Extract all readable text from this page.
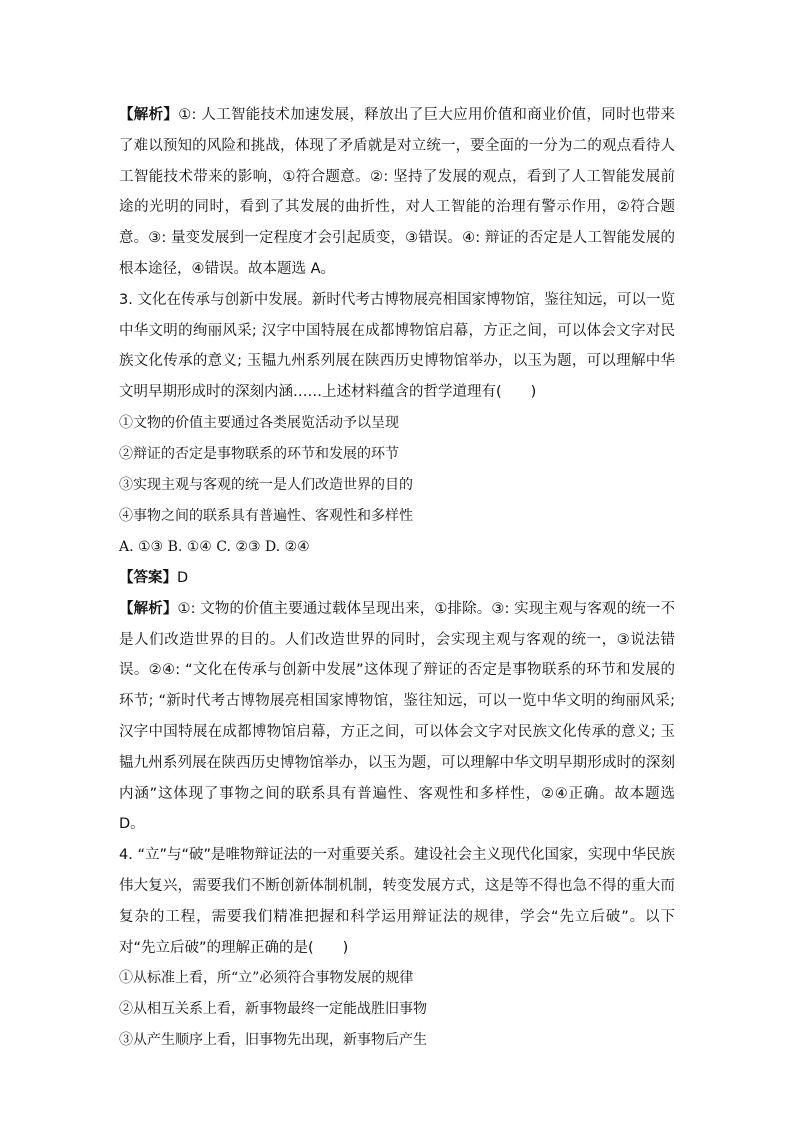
【解析】①: 人工智能技术加速发展，释放出了巨大应用价值和商业价值，同时也带来了难以预知的风险和挑战，体现了矛盾就是对立统一，要全面的一分为二的观点看待人工智能技术带来的影响，①符合题意。②: 坚持了发展的观点，看到了人工智能发展前途的光明的同时，看到了其发展的曲折性，对人工智能的治理有警示作用，②符合题意。③: 量变发展到一定程度才会引起质变，③错误。④: 辩证的否定是人工智能发展的根本途径，④错误。故本题选 A。

3. 文化在传承与创新中发展。新时代考古博物展亮相国家博物馆，鉴往知远，可以一览中华文明的绚丽风采; 汉字中国特展在成都博物馆启幕，方正之间，可以体会文字对民族文化传承的意义; 玉韫九州系列展在陕西历史博物馆举办，以玉为题，可以理解中华文明早期形成时的深刻内涵……上述材料蕴含的哲学道理有(　　)

①文物的价值主要通过各类展览活动予以呈现

②辩证的否定是事物联系的环节和发展的环节

③实现主观与客观的统一是人们改造世界的目的

④事物之间的联系具有普遍性、客观性和多样性

A. ①③ B. ①④ C. ②③ D. ②④

【答案】D

【解析】①: 文物的价值主要通过载体呈现出来，①排除。③: 实现主观与客观的统一不是人们改造世界的目的。人们改造世界的同时，会实现主观与客观的统一，③说法错误。②④: “文化在传承与创新中发展”这体现了辩证的否定是事物联系的环节和发展的环节; “新时代考古博物展亮相国家博物馆，鉴往知远，可以一览中华文明的绚丽风采; 汉字中国特展在成都博物馆启幕，方正之间，可以体会文字对民族文化传承的意义; 玉韫九州系列展在陕西历史博物馆举办，以玉为题，可以理解中华文明早期形成时的深刻内涵”这体现了事物之间的联系具有普遍性、客观性和多样性，②④正确。故本题选 D。

4. “立”与“破”是唯物辩证法的一对重要关系。建设社会主义现代化国家，实现中华民族伟大复兴，需要我们不断创新体制机制，转变发展方式，这是等不得也急不得的重大而复杂的工程，需要我们精准把握和科学运用辩证法的规律，学会“先立后破”。以下对“先立后破”的理解正确的是(　　)

①从标准上看，所“立”必须符合事物发展的规律

②从相互关系上看，新事物最终一定能战胜旧事物

③从产生顺序上看，旧事物先出现，新事物后产生
